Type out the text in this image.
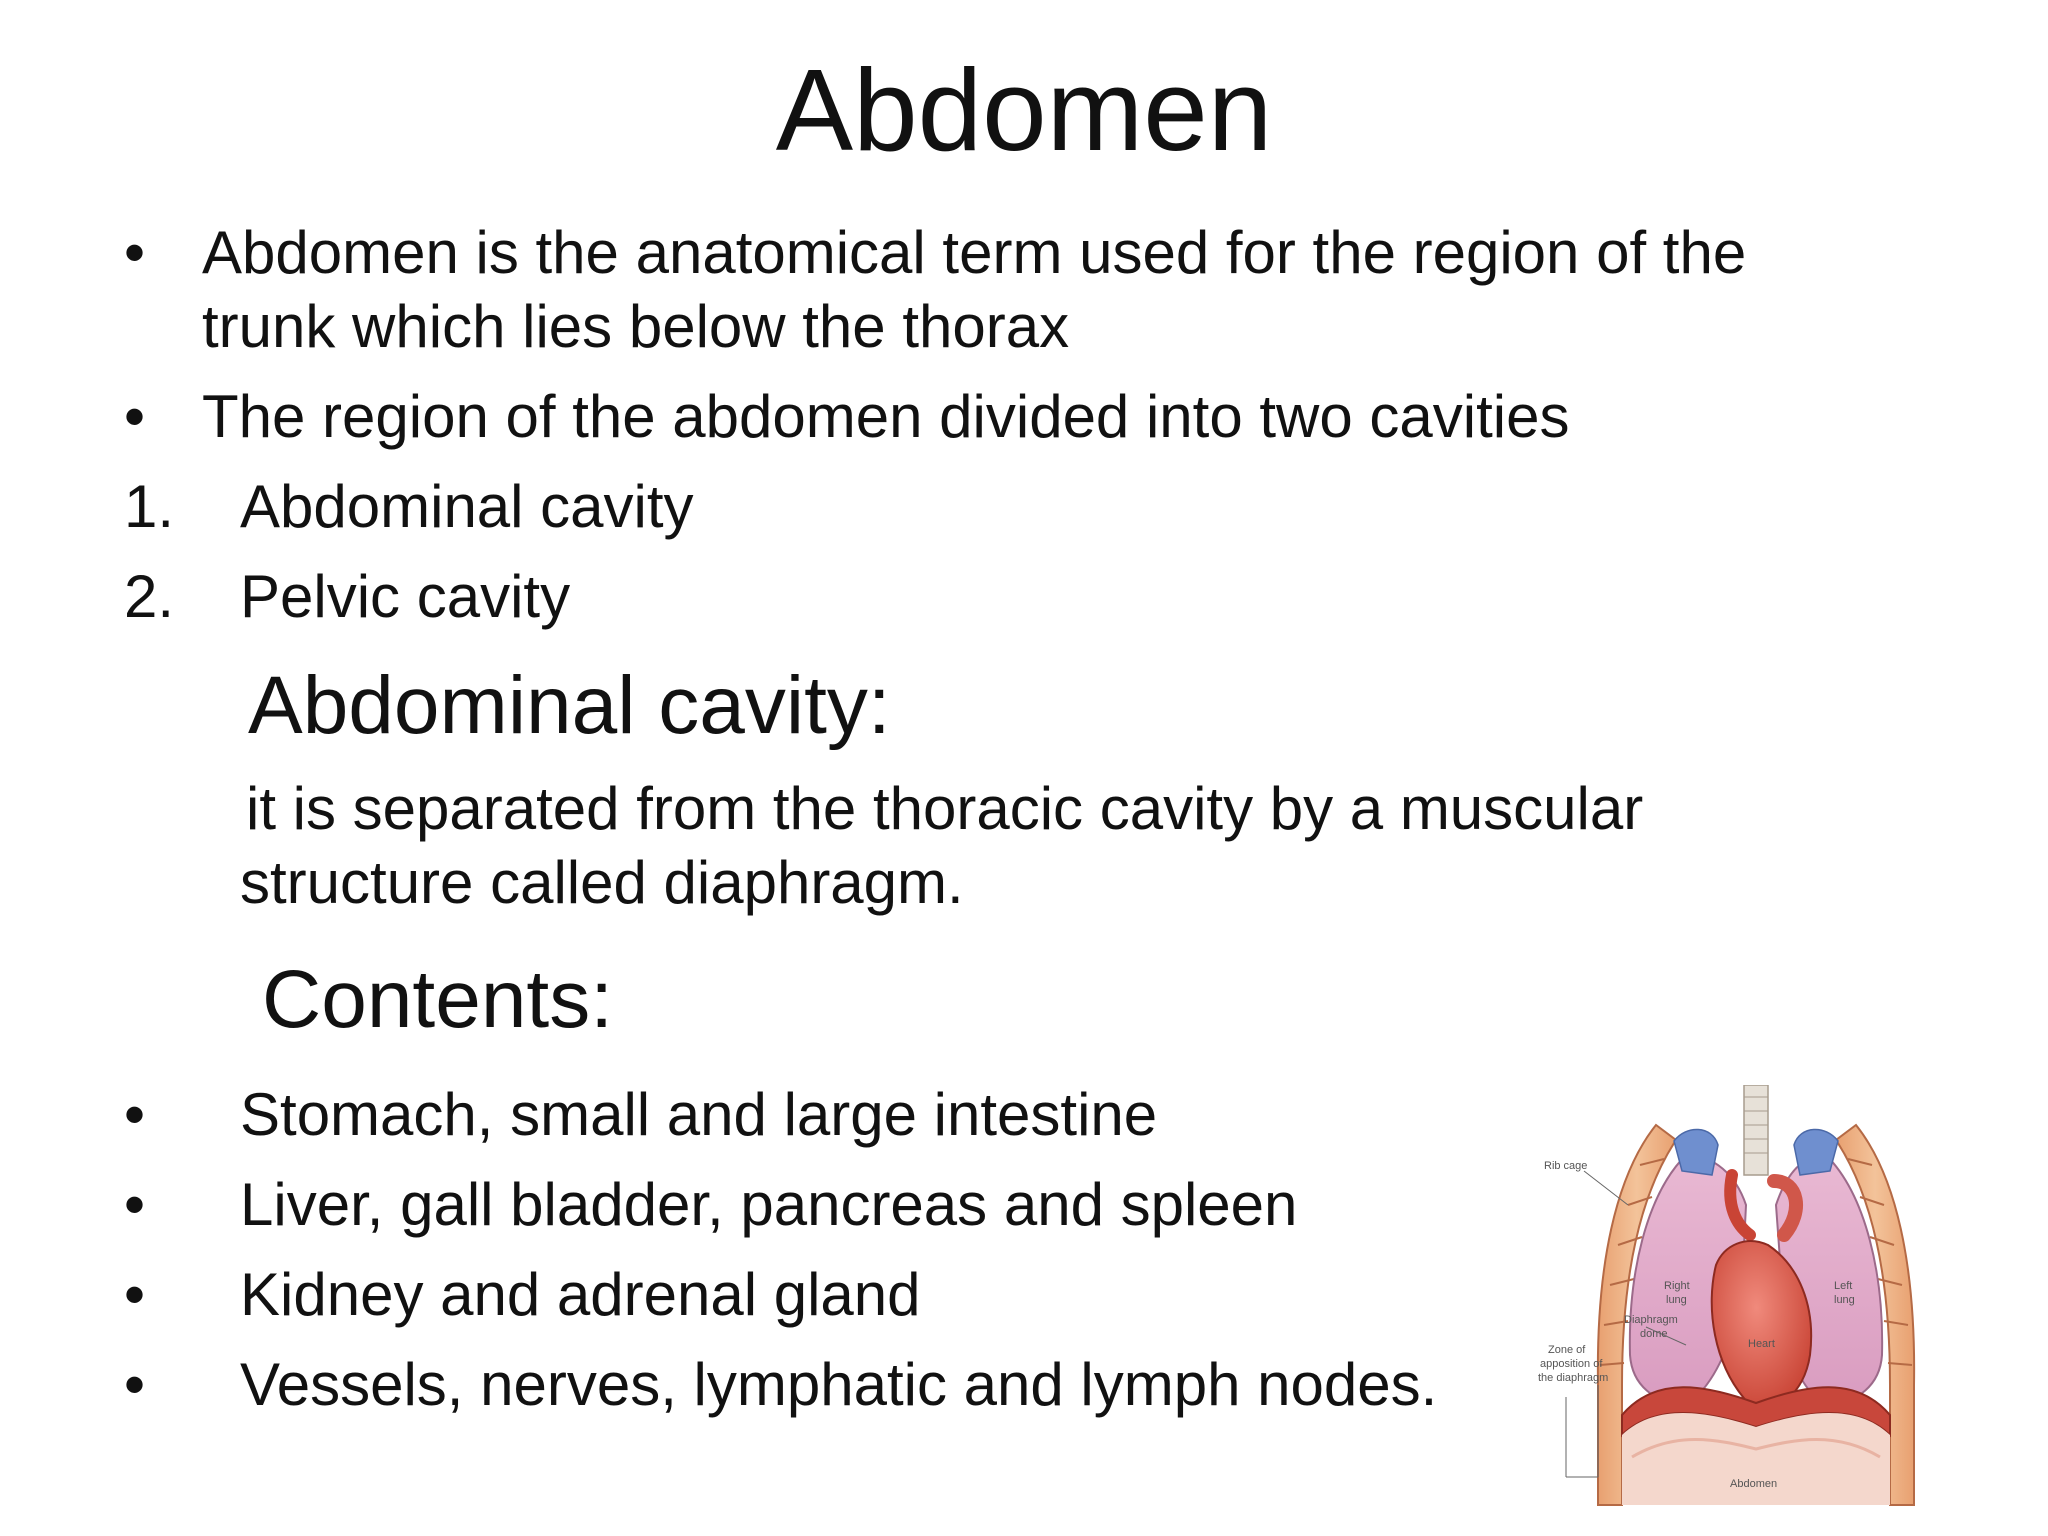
Abdomen
• Abdomen is the anatomical term used for the region of the
trunk which lies below the thorax
• The region of the abdomen divided into two cavities
1. Abdominal cavity
2. Pelvic cavity
Abdominal cavity:
it is separated from the thoracic cavity by a muscular
structure called diaphragm.
Contents:
• Stomach, small and large intestine
• Liver, gall bladder, pancreas and spleen
• Kidney and adrenal gland
• Vessels, nerves, lymphatic and lymph nodes.
Rib cage
Right
lung
Left
lung
Heart
Diaphragm
dome
Zone of
apposition of
the diaphragm
Abdomen
